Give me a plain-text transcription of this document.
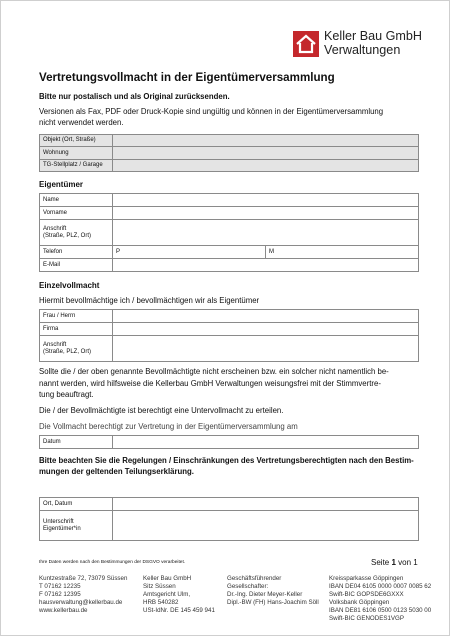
Keller Bau GmbH
Verwaltungen
Vertretungsvollmacht in der Eigentümerversammlung
Bitte nur postalisch und als Original zurücksenden.
Versionen als Fax, PDF oder Druck-Kopie sind ungültig und können in der Eigentümerversammlung
nicht verwendet werden.
Objekt (Ort, Straße)	
Wohnung	
TG-Stellplatz / Garage	
Eigentümer
Name		
Vorname		

Anschrift
(Straße, PLZ, Ort)		

Telefon	P	M
E-Mail		
Einzelvollmacht
Hiermit bevollmächtige ich / bevollmächtigen wir als Eigentümer
Frau / Herrn	
Firma	

Anschrift
(Straße, PLZ, Ort)	

Sollte die / der oben genannte Bevollmächtigte nicht erscheinen bzw. ein solcher nicht namentlich be-
nannt werden, wird hilfsweise die Kellerbau GmbH Verwaltungen weisungsfrei mit der Stimmvertre-
tung beauftragt.
Die / der Bevollmächtigte ist berechtigt eine Untervollmacht zu erteilen.
Die Vollmacht berechtigt zur Vertretung in der Eigentümerversammlung am
Datum	
Bitte beachten Sie die Regelungen / Einschränkungen des Vertretungsberechtigten nach den Bestim-
mungen der geltenden Teilungserklärung.
Ort, Datum	

Unterschrift
Eigentümer*in	

Ihre Daten werden nach den Bestimmungen der DSGVO verarbeitet.	Seite 1 von 1
Kuntzestraße 72, 73079 Süssen
T 07162 12235
F 07162 12395
hausverwaltung@kellerbau.de
www.kellerbau.de
Keller Bau GmbH
Sitz Süssen
Amtsgericht Ulm,
HRB 540282
USt-IdNr. DE 145 459 941
Geschäftsführender
Gesellschafter:
Dr.-Ing. Dieter Meyer-Keller
Dipl.-BW (FH) Hans-Joachim Söll
Kreissparkasse Göppingen
IBAN DE04 6105 0000 0007 0085 62
Swift-BIC GOPSDE6GXXX
Volksbank Göppingen
IBAN DE81 6106 0500 0123 5030 00
Swift-BIC GENODES1VGP
